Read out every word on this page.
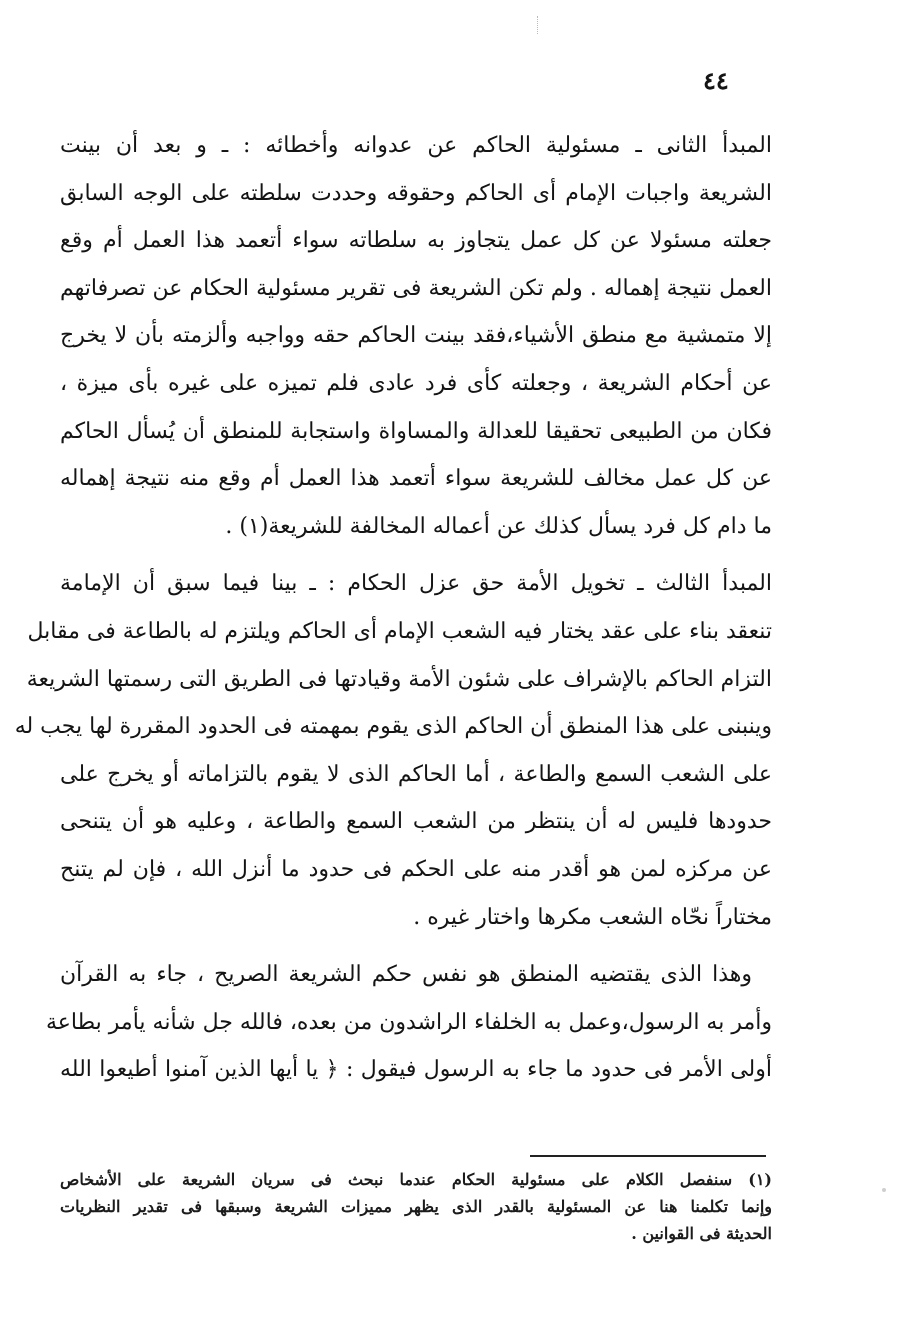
٤٤

المبدأ الثانى ـ مسئولية الحاكم عن عدوانه وأخطائه : ـ و بعد أن بينت
الشريعة واجبات الإمام أى الحاكم وحقوقه وحددت سلطته على الوجه السابق
جعلته مسئولا عن كل عمل يتجاوز به سلطاته سواء أتعمد هذا العمل أم وقع
العمل نتيجة إهماله . ولم تكن الشريعة فى تقرير مسئولية الحكام عن تصرفاتهم
إلا متمشية مع منطق الأشياء،فقد بينت الحاكم حقه وواجبه وألزمته بأن لا يخرج
عن أحكام الشريعة ، وجعلته كأى فرد عادى فلم تميزه على غيره بأى ميزة ،
فكان من الطبيعى تحقيقا للعدالة والمساواة واستجابة للمنطق أن يُسأل الحاكم
عن كل عمل مخالف للشريعة سواء أتعمد هذا العمل أم وقع منه نتيجة إهماله
ما دام كل فرد يسأل كذلك عن أعماله المخالفة للشريعة(١) .

المبدأ الثالث ـ تخويل الأمة حق عزل الحكام : ـ بينا فيما سبق أن الإمامة
تنعقد بناء على عقد يختار فيه الشعب الإمام أى الحاكم ويلتزم له بالطاعة فى مقابل
التزام الحاكم بالإشراف على شئون الأمة وقيادتها فى الطريق التى رسمتها الشريعة
وينبنى على هذا المنطق أن الحاكم الذى يقوم بمهمته فى الحدود المقررة لها يجب له
على الشعب السمع والطاعة ، أما الحاكم الذى لا يقوم بالتزاماته أو يخرج على
حدودها فليس له أن ينتظر من الشعب السمع والطاعة ، وعليه هو أن يتنحى
عن مركزه لمن هو أقدر منه على الحكم فى حدود ما أنزل الله ، فإن لم يتنح
مختاراً نحّاه الشعب مكرها واختار غيره .

وهذا الذى يقتضيه المنطق هو نفس حكم الشريعة الصريح ، جاء به القرآن
وأمر به الرسول،وعمل به الخلفاء الراشدون من بعده، فالله جل شأنه يأمر بطاعة
أولى الأمر فى حدود ما جاء به الرسول فيقول : ﴿ يا أيها الذين آمنوا أطيعوا الله

(١) سنفصل الكلام على مسئولية الحكام عندما نبحث فى سريان الشريعة على الأشخاص
وإنما تكلمنا هنا عن المسئولية بالقدر الذى يظهر مميزات الشريعة وسبقها فى تقدير النظريات
الحديثة فى القوانين .
